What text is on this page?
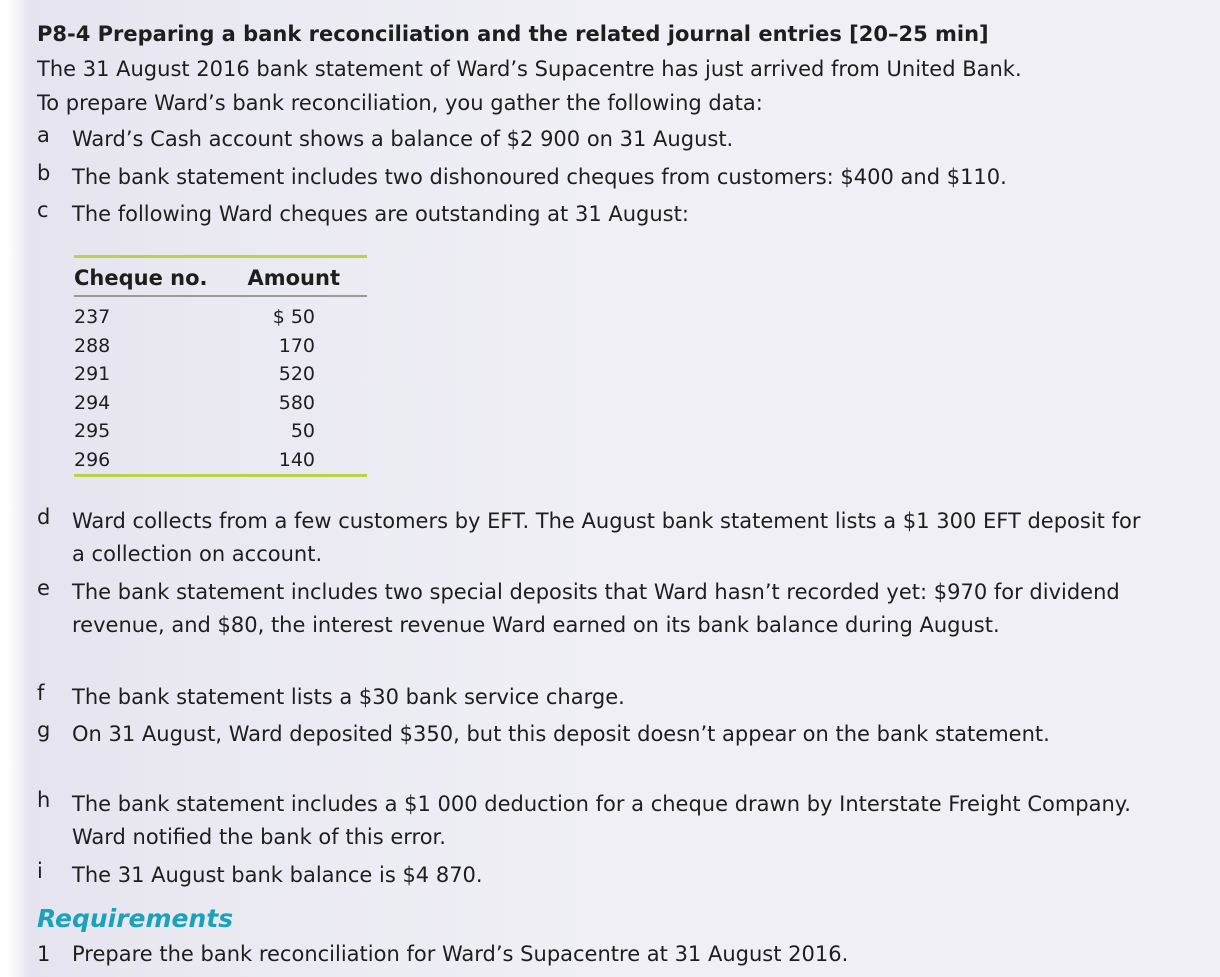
P8-4 Preparing a bank reconciliation and the related journal entries [20–25 min]
The 31 August 2016 bank statement of Ward’s Supacentre has just arrived from United Bank.
To prepare Ward’s bank reconciliation, you gather the following data:
a	Ward’s Cash account shows a balance of $2 900 on 31 August.
b	The bank statement includes two dishonoured cheques from customers: $400 and $110.
c	The following Ward cheques are outstanding at 31 August:

Cheque no.	Amount
237	$ 50
288	170
291	520
294	580
295	50
296	140

d	Ward collects from a few customers by EFT. The August bank statement lists a $1 300 EFT deposit for a collection on account.
e	The bank statement includes two special deposits that Ward hasn’t recorded yet: $970 for dividend revenue, and $80, the interest revenue Ward earned on its bank balance during August.
f	The bank statement lists a $30 bank service charge.
g	On 31 August, Ward deposited $350, but this deposit doesn’t appear on the bank statement.
h	The bank statement includes a $1 000 deduction for a cheque drawn by Interstate Freight Company. Ward notified the bank of this error.
i	The 31 August bank balance is $4 870.
Requirements
1 Prepare the bank reconciliation for Ward’s Supacentre at 31 August 2016.
